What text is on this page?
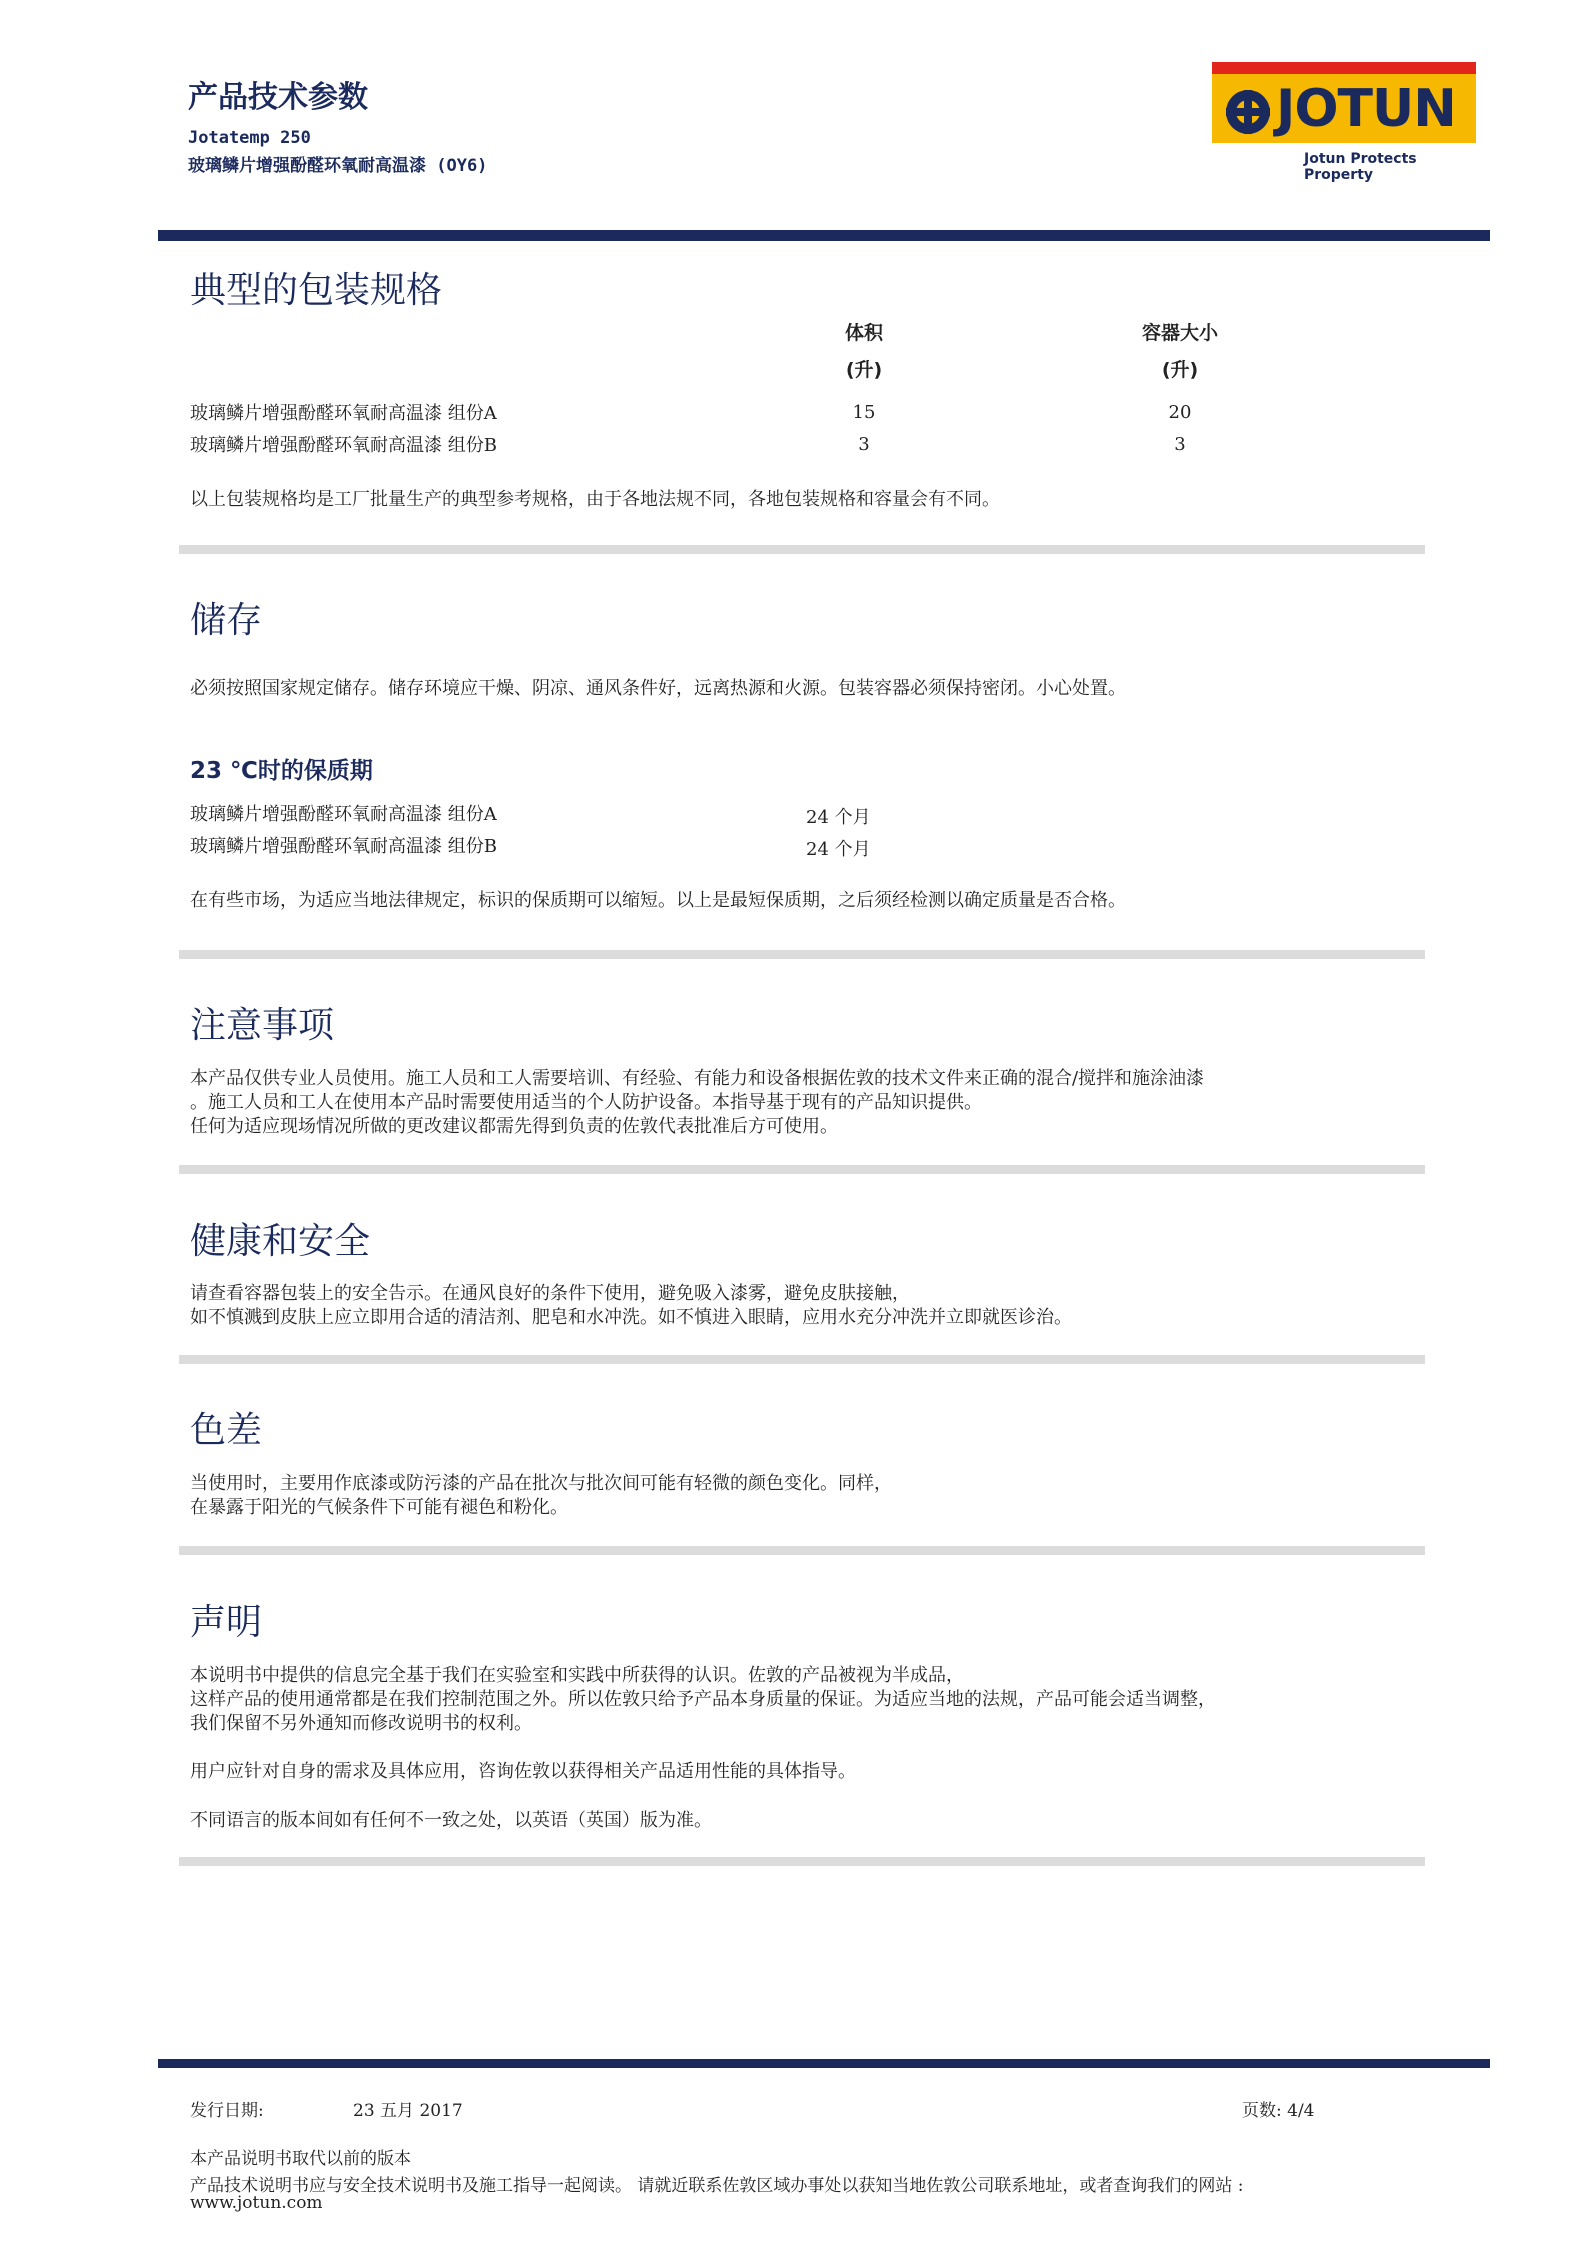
产品技术参数
Jotatemp 250
玻璃鳞片增强酚醛环氧耐高温漆 (OY6)
JOTUN
Jotun Protects Property
典型的包装规格
体积
(升)
容器大小
(升)
玻璃鳞片增强酚醛环氧耐高温漆 组份A	15	20
玻璃鳞片增强酚醛环氧耐高温漆 组份B	3	3
以上包装规格均是工厂批量生产的典型参考规格，由于各地法规不同，各地包装规格和容量会有不同。
储存
必须按照国家规定储存。储存环境应干燥、阴凉、通风条件好，远离热源和火源。包装容器必须保持密闭。小心处置。
23 ℃时的保质期
玻璃鳞片增强酚醛环氧耐高温漆 组份A	24 个月
玻璃鳞片增强酚醛环氧耐高温漆 组份B	24 个月
在有些市场，为适应当地法律规定，标识的保质期可以缩短。以上是最短保质期，之后须经检测以确定质量是否合格。
注意事项
本产品仅供专业人员使用。施工人员和工人需要培训、有经验、有能力和设备根据佐敦的技术文件来正确的混合/搅拌和施涂油漆
。施工人员和工人在使用本产品时需要使用适当的个人防护设备。本指导基于现有的产品知识提供。
任何为适应现场情况所做的更改建议都需先得到负责的佐敦代表批准后方可使用。
健康和安全
请查看容器包装上的安全告示。在通风良好的条件下使用，避免吸入漆雾，避免皮肤接触，
如不慎溅到皮肤上应立即用合适的清洁剂、肥皂和水冲洗。如不慎进入眼睛，应用水充分冲洗并立即就医诊治。
色差
当使用时，主要用作底漆或防污漆的产品在批次与批次间可能有轻微的颜色变化。同样，
在暴露于阳光的气候条件下可能有褪色和粉化。
声明
本说明书中提供的信息完全基于我们在实验室和实践中所获得的认识。佐敦的产品被视为半成品，
这样产品的使用通常都是在我们控制范围之外。所以佐敦只给予产品本身质量的保证。为适应当地的法规，产品可能会适当调整，
我们保留不另外通知而修改说明书的权利。
用户应针对自身的需求及具体应用，咨询佐敦以获得相关产品适用性能的具体指导。
不同语言的版本间如有任何不一致之处，以英语（英国）版为准。
发行日期:	23 五月 2017	页数: 4/4
本产品说明书取代以前的版本
产品技术说明书应与安全技术说明书及施工指导一起阅读。 请就近联系佐敦区域办事处以获知当地佐敦公司联系地址，或者查询我们的网站 :
www.jotun.com
